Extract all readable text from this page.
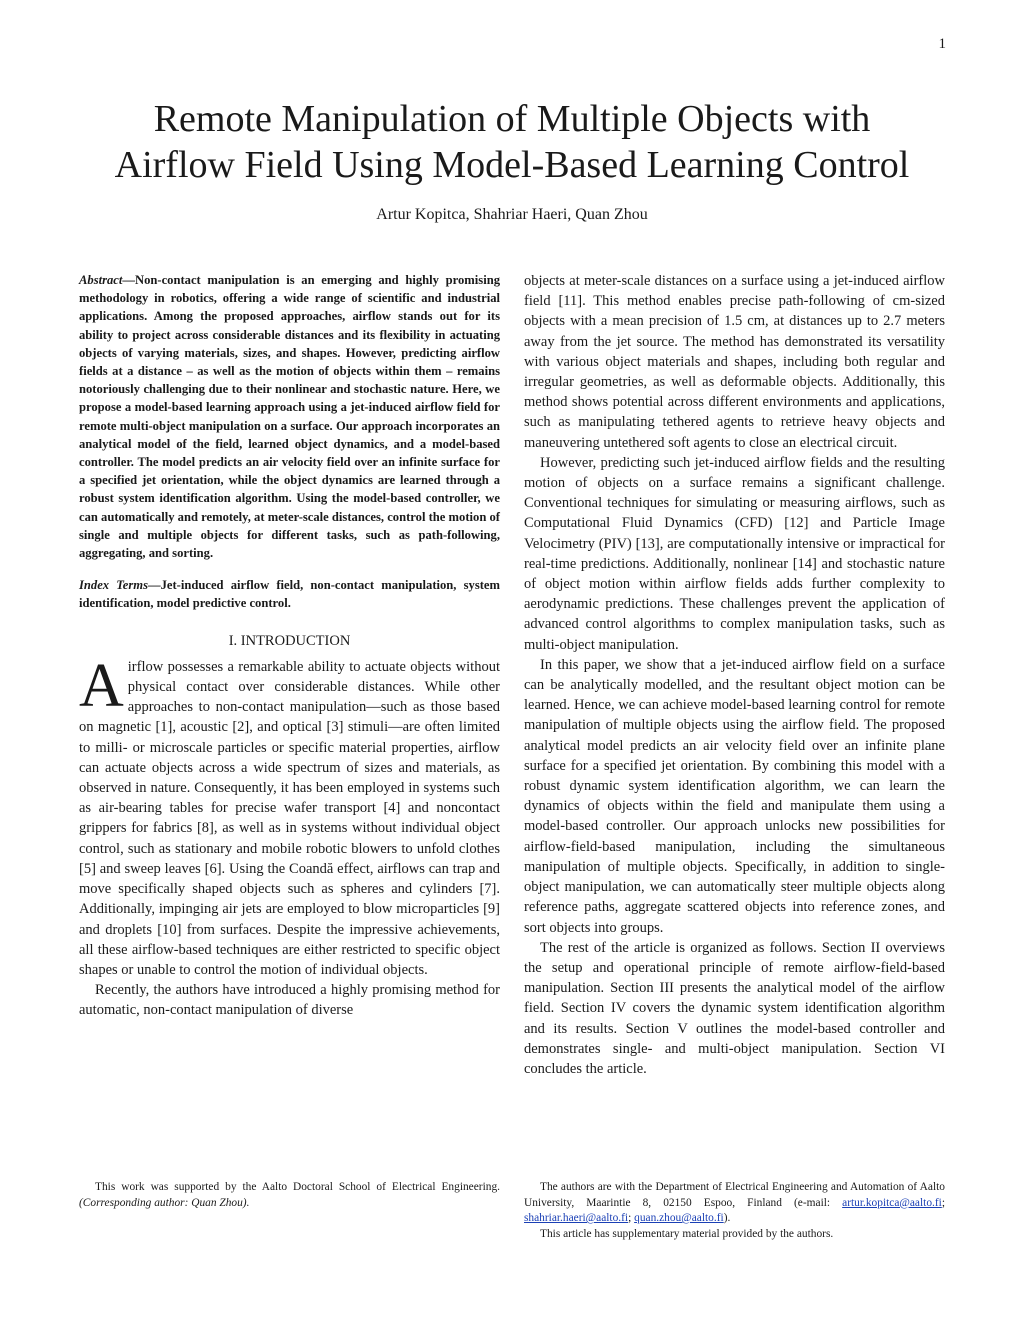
1
Remote Manipulation of Multiple Objects with
Airflow Field Using Model-Based Learning Control
Artur Kopitca, Shahriar Haeri, Quan Zhou

Abstract—Non-contact manipulation is an emerging and highly promising methodology in robotics, offering a wide range of scientific and industrial applications. Among the proposed approaches, airflow stands out for its ability to project across considerable distances and its flexibility in actuating objects of varying materials, sizes, and shapes. However, predicting airflow fields at a distance – as well as the motion of objects within them – remains notoriously challenging due to their nonlinear and stochastic nature. Here, we propose a model-based learning approach using a jet-induced airflow field for remote multi-object manipulation on a surface. Our approach incorporates an analytical model of the field, learned object dynamics, and a model-based controller. The model predicts an air velocity field over an infinite surface for a specified jet orientation, while the object dynamics are learned through a robust system identification algorithm. Using the model-based controller, we can automatically and remotely, at meter-scale distances, control the motion of single and multiple objects for different tasks, such as path-following, aggregating, and sorting.

Index Terms—Jet-induced airflow field, non-contact manipulation, system identification, model predictive control.

I. INTRODUCTION

Airflow possesses a remarkable ability to actuate objects without physical contact over considerable distances. While other approaches to non-contact manipulation—such as those based on magnetic [1], acoustic [2], and optical [3] stimuli—are often limited to milli- or microscale particles or specific material properties, airflow can actuate objects across a wide spectrum of sizes and materials, as observed in nature. Consequently, it has been employed in systems such as air-bearing tables for precise wafer transport [4] and noncontact grippers for fabrics [8], as well as in systems without individual object control, such as stationary and mobile robotic blowers to unfold clothes [5] and sweep leaves [6]. Using the Coandă effect, airflows can trap and move specifically shaped objects such as spheres and cylinders [7]. Additionally, impinging air jets are employed to blow microparticles [9] and droplets [10] from surfaces. Despite the impressive achievements, all these airflow-based techniques are either restricted to specific object shapes or unable to control the motion of individual objects.

Recently, the authors have introduced a highly promising method for automatic, non-contact manipulation of diverse

objects at meter-scale distances on a surface using a jet-induced airflow field [11]. This method enables precise path-following of cm-sized objects with a mean precision of 1.5 cm, at distances up to 2.7 meters away from the jet source. The method has demonstrated its versatility with various object materials and shapes, including both regular and irregular geometries, as well as deformable objects. Additionally, this method shows potential across different environments and applications, such as manipulating tethered agents to retrieve heavy objects and maneuvering untethered soft agents to close an electrical circuit.

However, predicting such jet-induced airflow fields and the resulting motion of objects on a surface remains a significant challenge. Conventional techniques for simulating or measuring airflows, such as Computational Fluid Dynamics (CFD) [12] and Particle Image Velocimetry (PIV) [13], are computationally intensive or impractical for real-time predictions. Additionally, nonlinear [14] and stochastic nature of object motion within airflow fields adds further complexity to aerodynamic predictions. These challenges prevent the application of advanced control algorithms to complex manipulation tasks, such as multi-object manipulation.

In this paper, we show that a jet-induced airflow field on a surface can be analytically modelled, and the resultant object motion can be learned. Hence, we can achieve model-based learning control for remote manipulation of multiple objects using the airflow field. The proposed analytical model predicts an air velocity field over an infinite plane surface for a specified jet orientation. By combining this model with a robust dynamic system identification algorithm, we can learn the dynamics of objects within the field and manipulate them using a model-based controller. Our approach unlocks new possibilities for airflow-field-based manipulation, including the simultaneous manipulation of multiple objects. Specifically, in addition to single-object manipulation, we can automatically steer multiple objects along reference paths, aggregate scattered objects into reference zones, and sort objects into groups.

The rest of the article is organized as follows. Section II overviews the setup and operational principle of remote airflow-field-based manipulation. Section III presents the analytical model of the airflow field. Section IV covers the dynamic system identification algorithm and its results. Section V outlines the model-based controller and demonstrates single- and multi-object manipulation. Section VI concludes the article.

This work was supported by the Aalto Doctoral School of Electrical Engineering. (Corresponding author: Quan Zhou).

The authors are with the Department of Electrical Engineering and Automation of Aalto University, Maarintie 8, 02150 Espoo, Finland (e-mail: artur.kopitca@aalto.fi; shahriar.haeri@aalto.fi; quan.zhou@aalto.fi).

This article has supplementary material provided by the authors.
